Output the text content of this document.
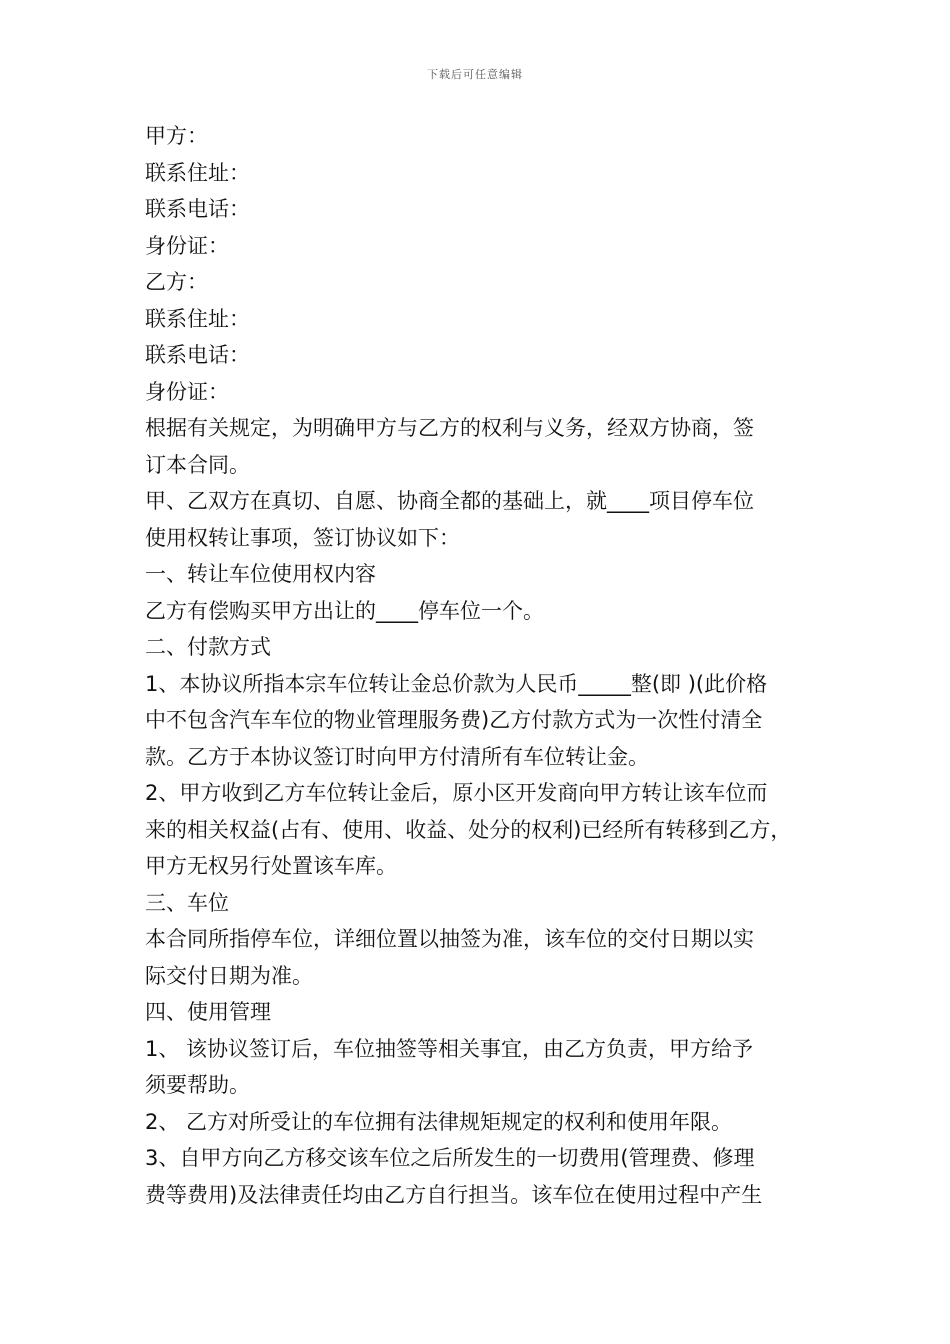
下载后可任意编辑
甲方：
联系住址：
联系电话：
身份证：
乙方：
联系住址：
联系电话：
身份证：
根据有关规定，为明确甲方与乙方的权利与义务，经双方协商，签
订本合同。
甲、乙双方在真切、自愿、协商全都的基础上，就____项目停车位
使用权转让事项，签订协议如下：
一、转让车位使用权内容
乙方有偿购买甲方出让的____停车位一个。
二、付款方式
1、本协议所指本宗车位转让金总价款为人民币_____整(即 )(此价格
中不包含汽车车位的物业管理服务费)乙方付款方式为一次性付清全
款。乙方于本协议签订时向甲方付清所有车位转让金。
2、甲方收到乙方车位转让金后，原小区开发商向甲方转让该车位而
来的相关权益(占有、使用、收益、处分的权利)已经所有转移到乙方，
甲方无权另行处置该车库。
三、车位
本合同所指停车位，详细位置以抽签为准，该车位的交付日期以实
际交付日期为准。
四、使用管理
1、 该协议签订后，车位抽签等相关事宜，由乙方负责，甲方给予
须要帮助。
2、 乙方对所受让的车位拥有法律规矩规定的权利和使用年限。
3、自甲方向乙方移交该车位之后所发生的一切费用(管理费、修理
费等费用)及法律责任均由乙方自行担当。该车位在使用过程中产生
